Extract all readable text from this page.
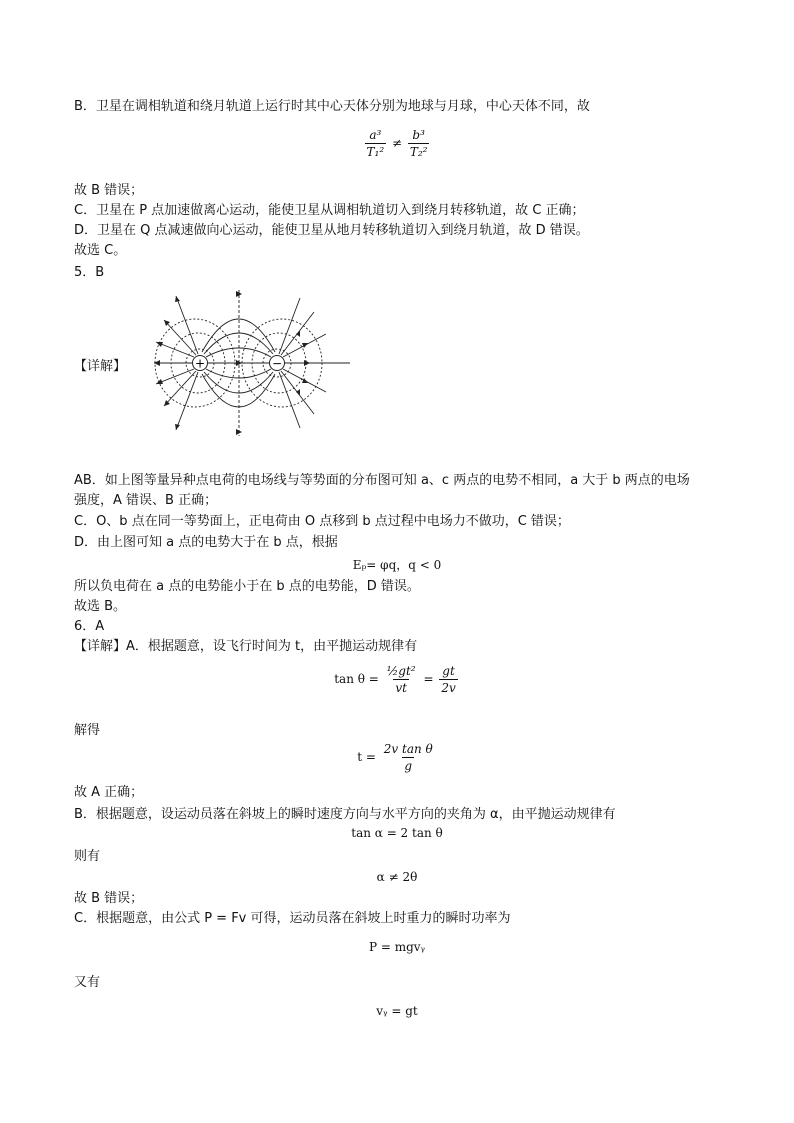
B．卫星在调相轨道和绕月轨道上运行时其中心天体分别为地球与月球，中心天体不同，故
$\frac{\text{a³}}{\text{T₁²}} \ne \frac{\text{b³}}{\text{T₂²}}$
故 B 错误；
C．卫星在 P 点加速做离心运动，能使卫星从调相轨道切入到绕月转移轨道，故 C 正确；
D．卫星在 Q 点减速做向心运动，能使卫星从地月转移轨道切入到绕月轨道，故 D 错误。
故选 C。
5．B
【详解】	+	−
AB．如上图等量异种点电荷的电场线与等势面的分布图可知 a、c 两点的电势不相同，a 大于 b 两点的电场
强度，A 错误、B 正确；
C．O、b 点在同一等势面上，正电荷由 O 点移到 b 点过程中电场力不做功，C 错误；
D．由上图可知 a 点的电势大于在 b 点，根据
Eₚ= φq，q < 0
所以负电荷在 a 点的电势能小于在 b 点的电势能，D 错误。
故选 B。
6．A
【详解】A．根据题意，设飞行时间为 t，由平抛运动规律有
$\tan \theta = \frac{\text{½gt²}}{vt} = \frac{gt}{2v}$
解得
$t = \frac{\text{2v tan θ}}{g}$
故 A 正确；
B．根据题意，设运动员落在斜坡上的瞬时速度方向与水平方向的夹角为 α，由平抛运动规律有
tan α = 2 tan θ
则有
α ≠ 2θ
故 B 错误；
C．根据题意，由公式 P = Fv 可得，运动员落在斜坡上时重力的瞬时功率为
P = mgvᵧ
又有
vᵧ = gt
